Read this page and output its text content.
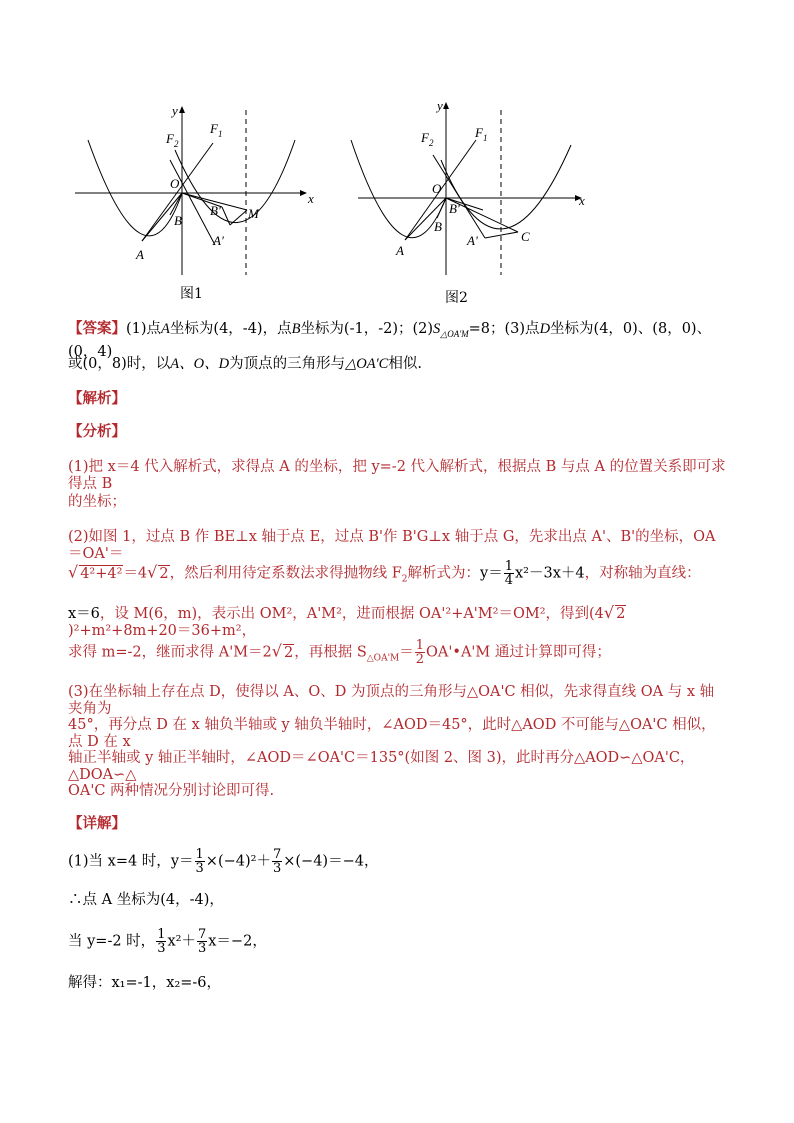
y
x
$F_2$
$F_1$
O
B
B' M
A'
A
图1
y
x
$F_2$
$F_1$
O
B'
B
C
A'
A
图2
【答案】(1)点A坐标为(4，-4)，点B坐标为(-1，-2)；$(2)S_{\triangle OA'M}=8$；(3)点D坐标为(4，0)、(8，0)、(0，4)
或(0，8)时，以A、O、D为顶点的三角形与△OA'C相似.
【解析】
【分析】
(1)把 x＝4 代入解析式，求得点 A 的坐标，把 y=-2 代入解析式，根据点 B 与点 A 的位置关系即可求得点 B
的坐标；
(2)如图 1，过点 B 作 BE⊥x 轴于点 E，过点 B'作 B'G⊥x 轴于点 G，先求出点 A'、B'的坐标，OA＝OA'＝
√ 4²+4²＝4√ 2，然后利用待定系数法求得抛物线 $F_2$解析式为：$y= \frac{1}{4} x^2-3x+4$，对称轴为直线：
x＝6，设 M(6，m)，表示出 OM²，A'M²，进而根据 OA'²+A'M²＝OM²，得到(4√ 2)²+m²+8m+20＝36+m²，
求得 m=-2，继而求得 A'M＝2√ 2，再根据 $S_{\triangle OA'M}= \frac{1}{2}$ OA'•A'M 通过计算即可得；
(3)在坐标轴上存在点 D，使得以 A、O、D 为顶点的三角形与△OA'C 相似，先求得直线 OA 与 x 轴夹角为
45°，再分点 D 在 x 轴负半轴或 y 轴负半轴时，∠AOD＝45°，此时△AOD 不可能与△OA'C 相似，点 D 在 x
轴正半轴或 y 轴正半轴时，∠AOD＝∠OA'C＝135°(如图 2、图 3)，此时再分△AOD∽△OA'C，△DOA∽△
OA'C 两种情况分别讨论即可得.
【详解】
(1)当 x=4 时，$y= \frac{1}{3} \times(-4)^2+ \frac{7}{3} \times(-4)=-4$，
∴点 A 坐标为(4，-4)，
当 y=-2 时， $\frac{1}{3} x^2+ \frac{7}{3} x=-2$，
解得：x₁=-1，x₂=-6，
